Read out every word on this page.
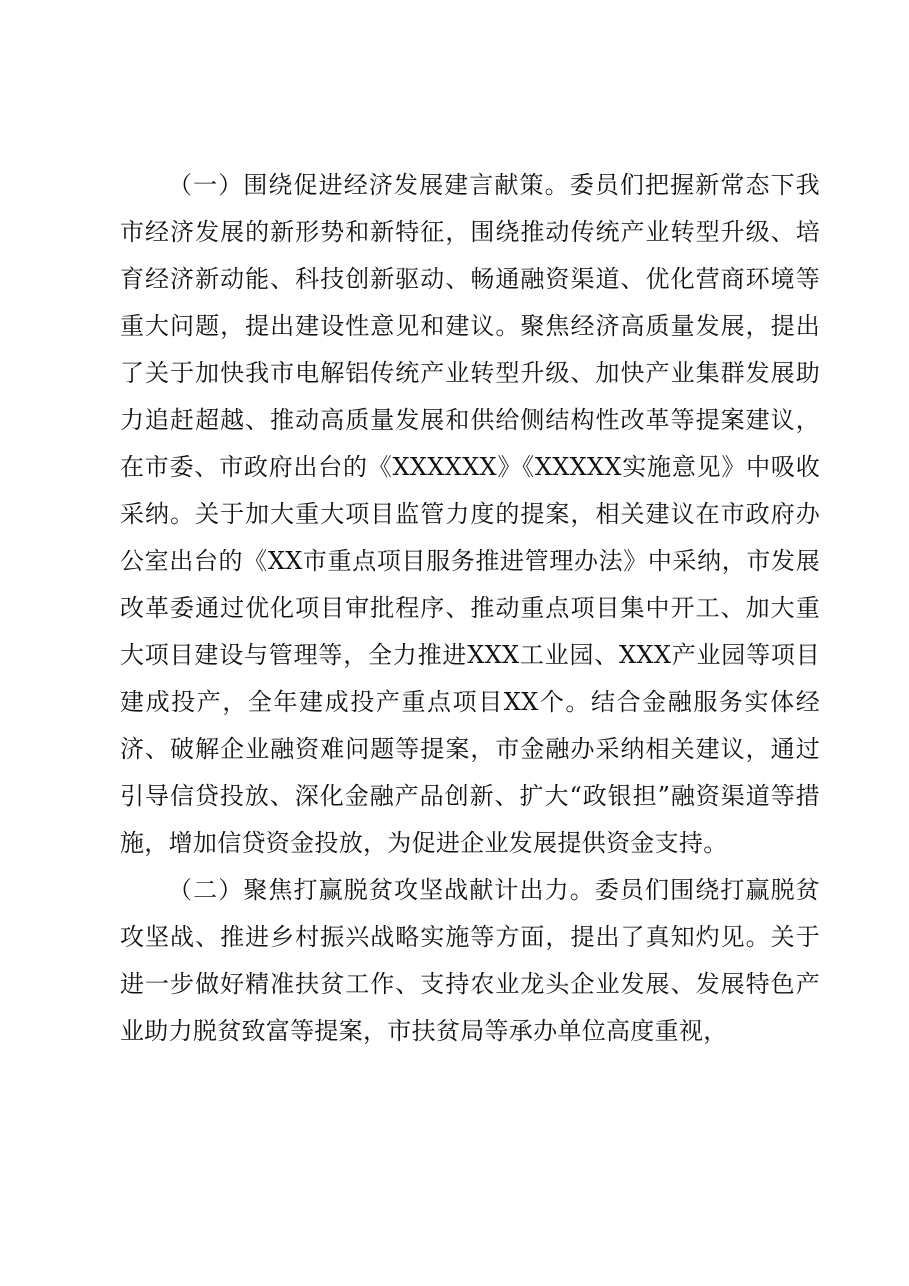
（一）围绕促进经济发展建言献策。委员们把握新常态下我市经济发展的新形势和新特征，围绕推动传统产业转型升级、培育经济新动能、科技创新驱动、畅通融资渠道、优化营商环境等重大问题，提出建设性意见和建议。聚焦经济高质量发展，提出了关于加快我市电解铝传统产业转型升级、加快产业集群发展助力追赶超越、推动高质量发展和供给侧结构性改革等提案建议，在市委、市政府出台的《XXXXXX》《XXXXX实施意见》中吸收采纳。关于加大重大项目监管力度的提案，相关建议在市政府办公室出台的《XX市重点项目服务推进管理办法》中采纳，市发展改革委通过优化项目审批程序、推动重点项目集中开工、加大重大项目建设与管理等，全力推进XXX工业园、XXX产业园等项目建成投产，全年建成投产重点项目XX个。结合金融服务实体经济、破解企业融资难问题等提案，市金融办采纳相关建议，通过引导信贷投放、深化金融产品创新、扩大“政银担”融资渠道等措施，增加信贷资金投放，为促进企业发展提供资金支持。

（二）聚焦打赢脱贫攻坚战献计出力。委员们围绕打赢脱贫攻坚战、推进乡村振兴战略实施等方面，提出了真知灼见。关于进一步做好精准扶贫工作、支持农业龙头企业发展、发展特色产业助力脱贫致富等提案，市扶贫局等承办单位高度重视，
